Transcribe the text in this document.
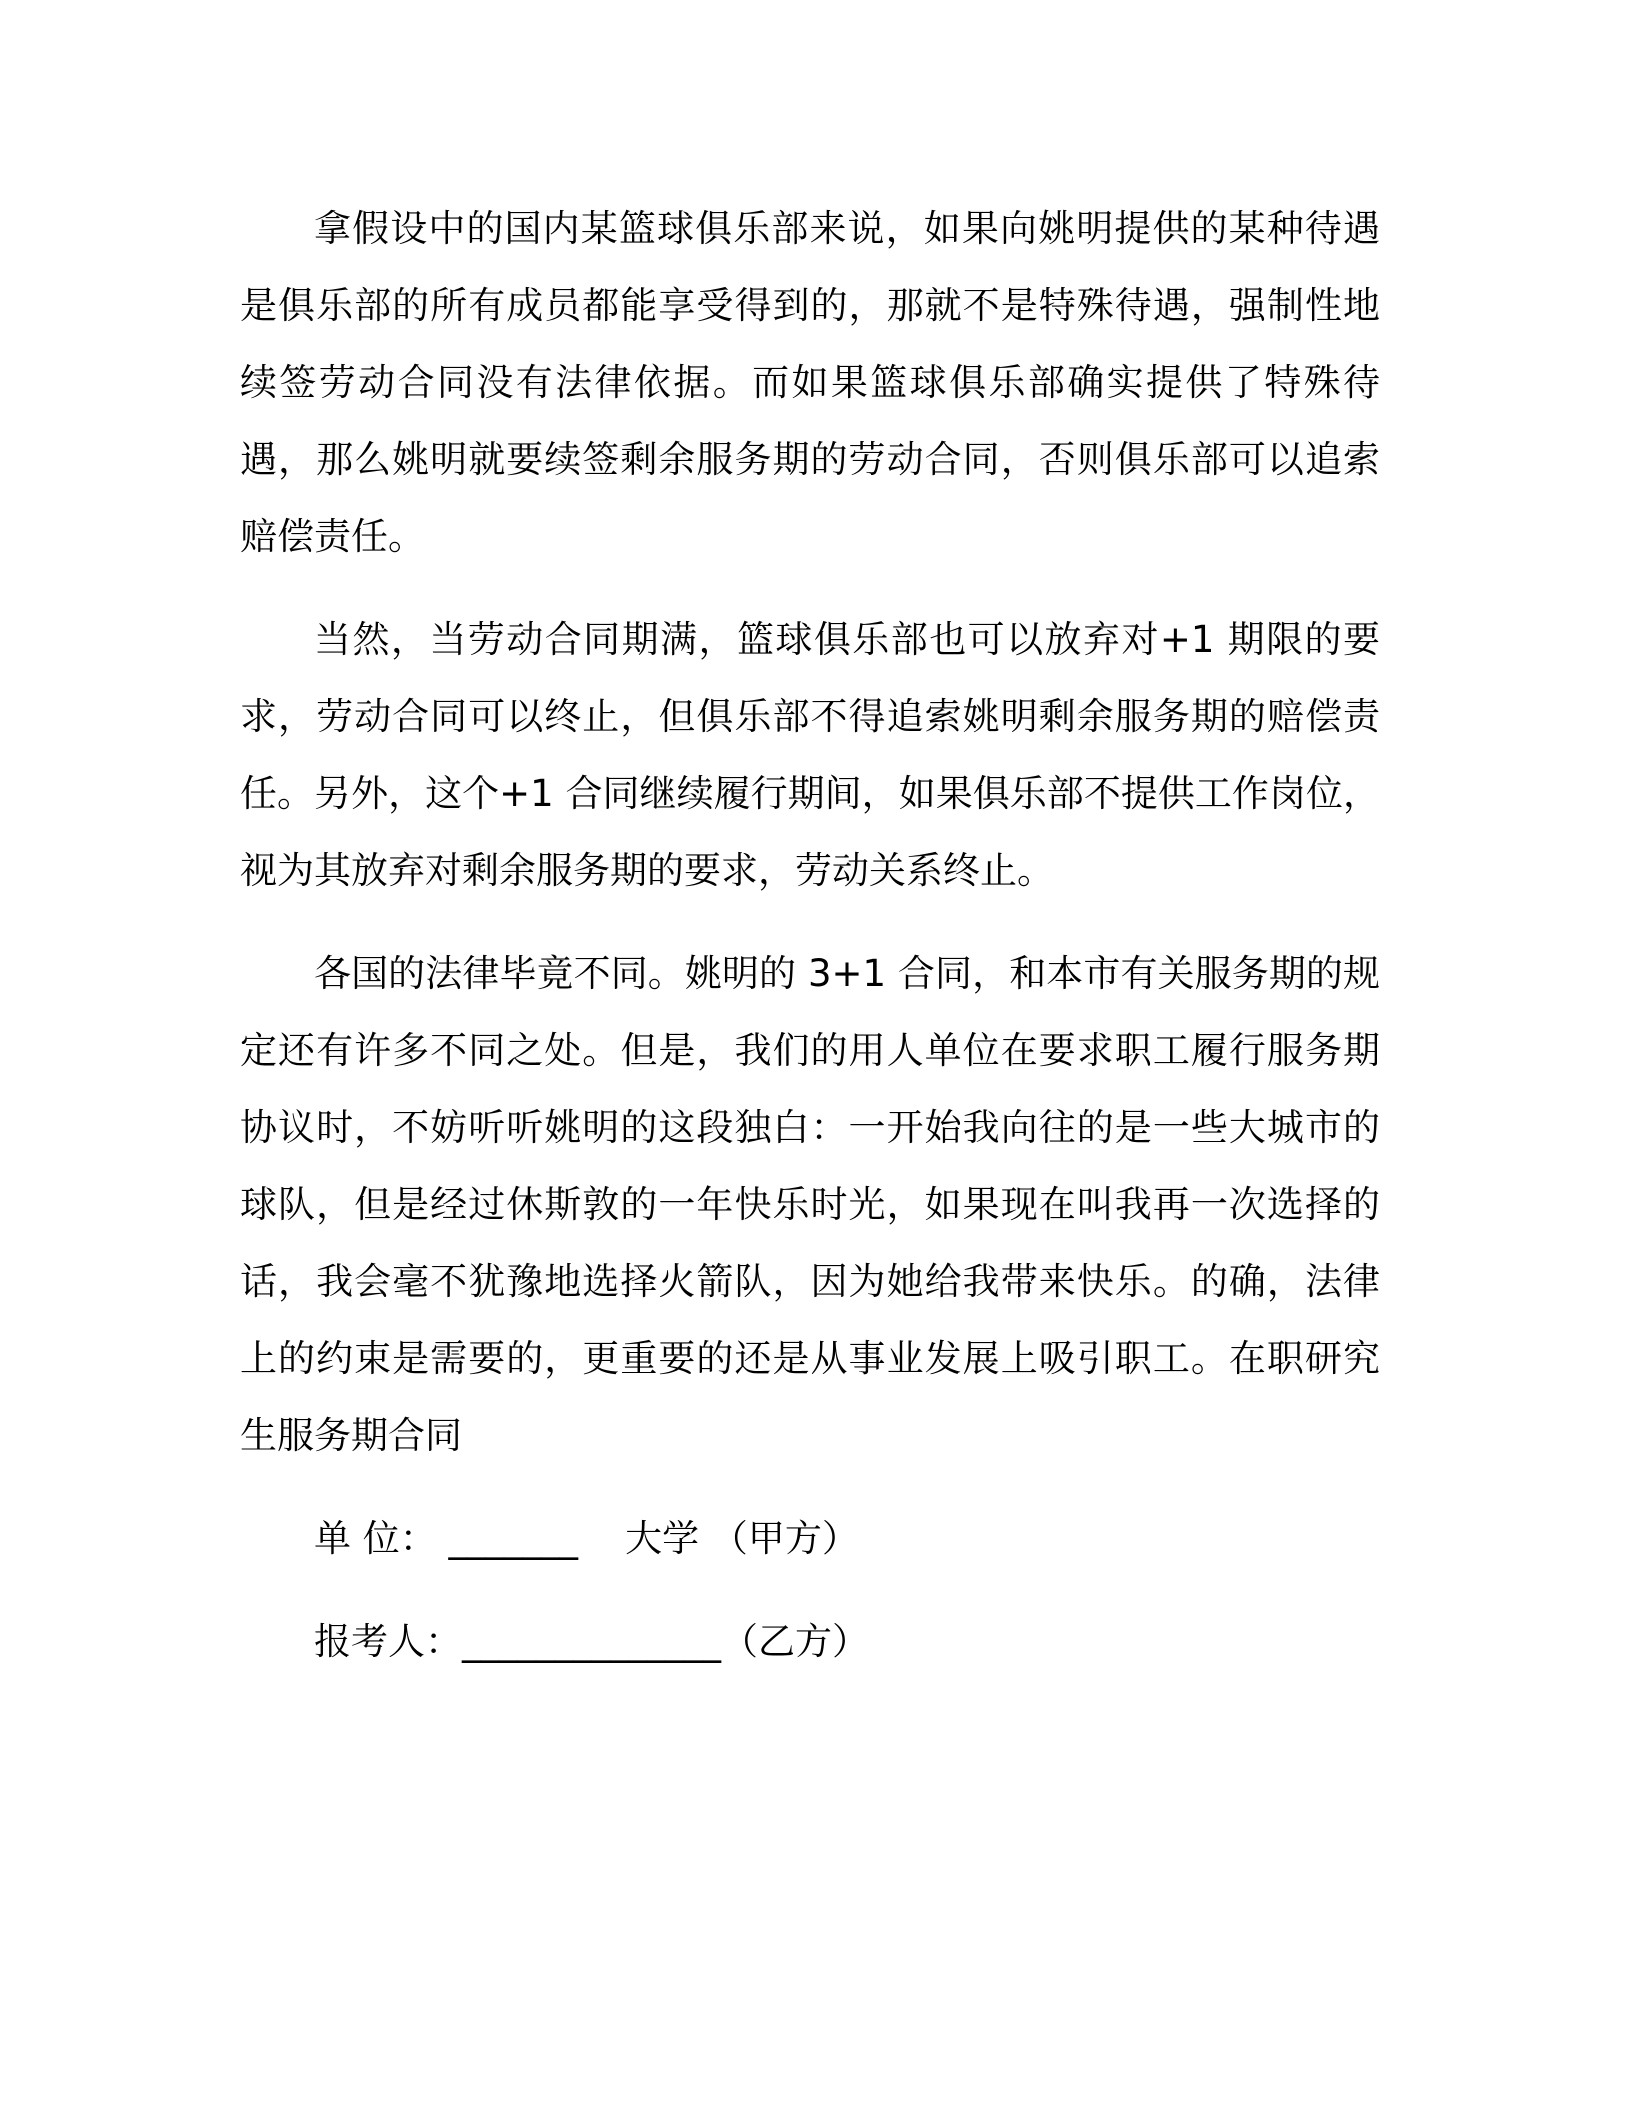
拿假设中的国内某篮球俱乐部来说，如果向姚明提供的某种待遇是俱乐部的所有成员都能享受得到的，那就不是特殊待遇，强制性地续签劳动合同没有法律依据。而如果篮球俱乐部确实提供了特殊待遇，那么姚明就要续签剩余服务期的劳动合同，否则俱乐部可以追索赔偿责任。

当然，当劳动合同期满，篮球俱乐部也可以放弃对+1 期限的要求，劳动合同可以终止，但俱乐部不得追索姚明剩余服务期的赔偿责任。另外，这个+1 合同继续履行期间，如果俱乐部不提供工作岗位，视为其放弃对剩余服务期的要求，劳动关系终止。

各国的法律毕竟不同。姚明的 3+1 合同，和本市有关服务期的规定还有许多不同之处。但是，我们的用人单位在要求职工履行服务期协议时，不妨听听姚明的这段独白：一开始我向往的是一些大城市的球队，但是经过休斯敦的一年快乐时光，如果现在叫我再一次选择的话，我会毫不犹豫地选择火箭队，因为她给我带来快乐。的确，法律上的约束是需要的，更重要的还是从事业发展上吸引职工。在职研究生服务期合同

单 位： _______ 大学 （甲方）
报考人：______________（乙方）
